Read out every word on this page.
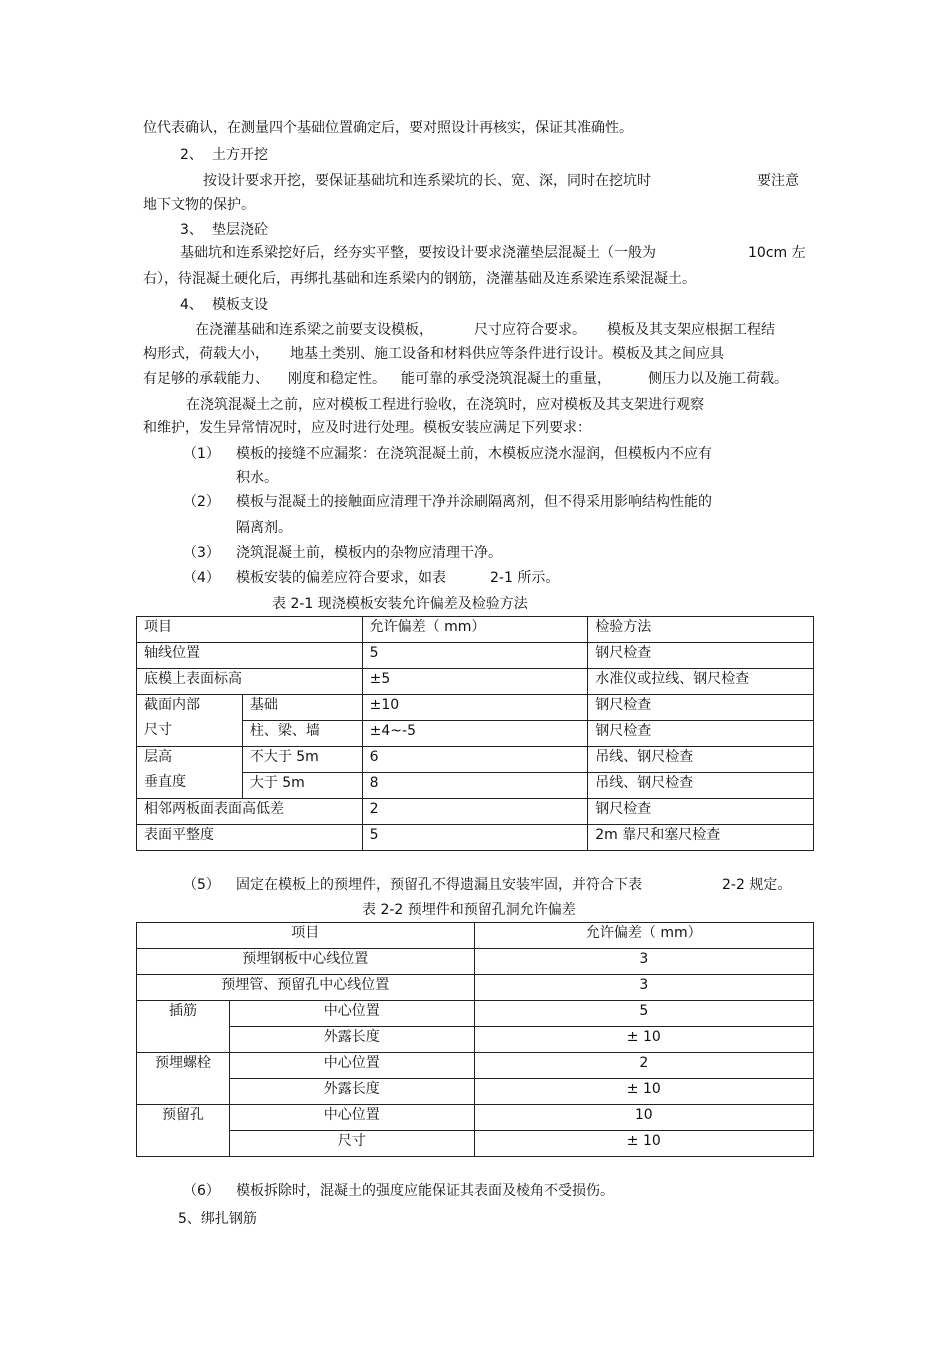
位代表确认，在测量四个基础位置确定后，要对照设计再核实，保证其准确性。
2、 土方开挖
按设计要求开挖，要保证基础坑和连系梁坑的长、宽、深，同时在挖坑时	要注意
地下文物的保护。
3、 垫层浇砼
基础坑和连系梁挖好后，经夯实平整，要按设计要求浇灌垫层混凝土（一般为	10cm 左
右），待混凝土硬化后，再绑扎基础和连系梁内的钢筋，浇灌基础及连系梁连系梁混凝土。
4、 模板支设
在浇灌基础和连系梁之前要支设模板，	尺寸应符合要求。 模板及其支架应根据工程结
构形式，荷载大小， 地基土类别、施工设备和材料供应等条件进行设计。模板及其之间应具
有足够的承载能力、 刚度和稳定性。 能可靠的承受浇筑混凝土的重量，	侧压力以及施工荷载。
在浇筑混凝土之前，应对模板工程进行验收，在浇筑时，应对模板及其支架进行观察
和维护，发生异常情况时，应及时进行处理。模板安装应满足下列要求：
（1） 模板的接缝不应漏浆：在浇筑混凝土前，木模板应浇水湿润，但模板内不应有
积水。
（2） 模板与混凝土的接触面应清理干净并涂刷隔离剂，但不得采用影响结构性能的
隔离剂。
（3） 浇筑混凝土前，模板内的杂物应清理干净。
（4） 模板安装的偏差应符合要求，如表	2-1 所示。
表 2-1 现浇模板安装允许偏差及检验方法
项目		允许偏差（ mm）	检验方法
轴线位置		5	钢尺检查
底模上表面标高		±5	水准仪或拉线、钢尺检查

截面内部
尺寸	基础	±10	钢尺检查
	柱、梁、墙	±4~-5	钢尺检查

层高
垂直度	不大于 5m	6	吊线、钢尺检查
	大于 5m	8	吊线、钢尺检查
相邻两板面表面高低差		2	钢尺检查
表面平整度		5	2m 靠尺和塞尺检查
（5） 固定在模板上的预埋件，预留孔不得遗漏且安装牢固，并符合下表	2-2 规定。
表 2-2 预埋件和预留孔洞允许偏差
项目		允许偏差（ mm）
预埋钢板中心线位置		3
预埋管、预留孔中心线位置		3
插筋	中心位置	5
	外露长度	± 10
预埋螺栓	中心位置	2
	外露长度	± 10
预留孔	中心位置	10
	尺寸	± 10
（6） 模板拆除时，混凝土的强度应能保证其表面及棱角不受损伤。
5、绑扎钢筋
